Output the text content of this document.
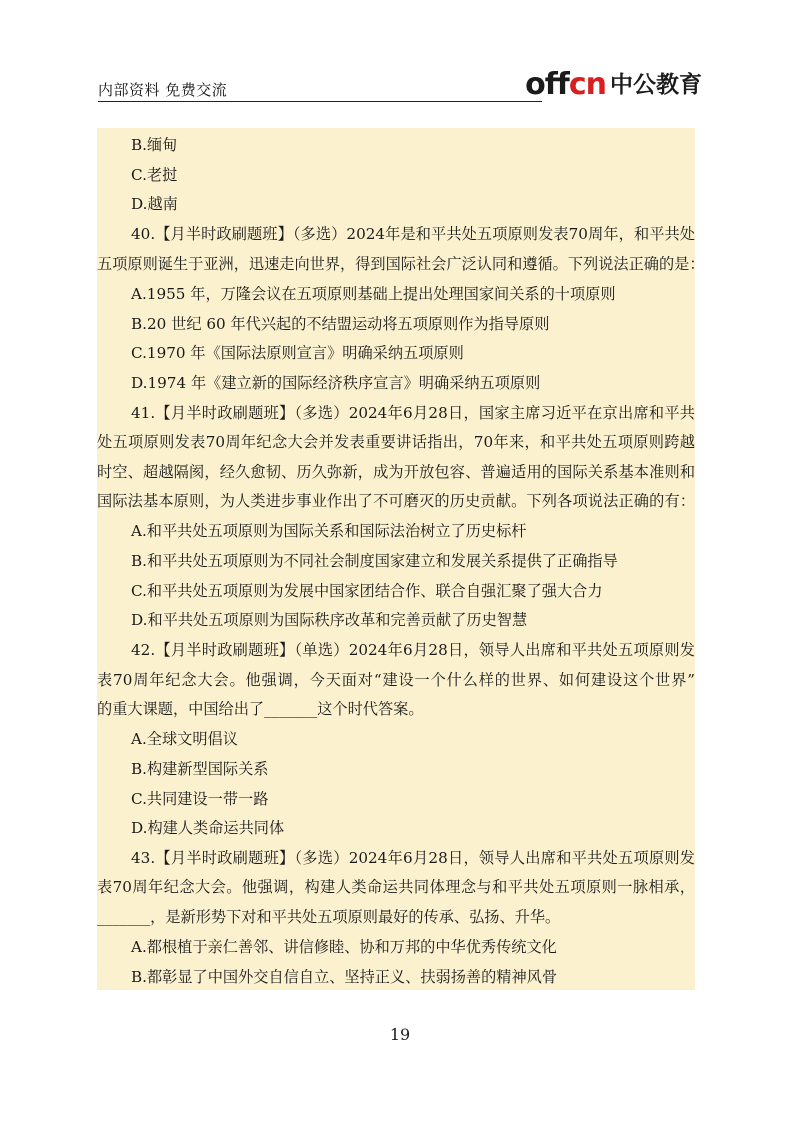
内部资料 免费交流	offcn 中公教育
B.缅甸
C.老挝
D.越南
40.【月半时政刷题班】（多选）2024年是和平共处五项原则发表70周年，和平共处
五项原则诞生于亚洲，迅速走向世界，得到国际社会广泛认同和遵循。下列说法正确的是：
A.1955 年，万隆会议在五项原则基础上提出处理国家间关系的十项原则
B.20 世纪 60 年代兴起的不结盟运动将五项原则作为指导原则
C.1970 年《国际法原则宣言》明确采纳五项原则
D.1974 年《建立新的国际经济秩序宣言》明确采纳五项原则
41.【月半时政刷题班】（多选）2024年6月28日，国家主席习近平在京出席和平共
处五项原则发表70周年纪念大会并发表重要讲话指出，70年来，和平共处五项原则跨越
时空、超越隔阂，经久愈韧、历久弥新，成为开放包容、普遍适用的国际关系基本准则和
国际法基本原则，为人类进步事业作出了不可磨灭的历史贡献。下列各项说法正确的有：
A.和平共处五项原则为国际关系和国际法治树立了历史标杆
B.和平共处五项原则为不同社会制度国家建立和发展关系提供了正确指导
C.和平共处五项原则为发展中国家团结合作、联合自强汇聚了强大合力
D.和平共处五项原则为国际秩序改革和完善贡献了历史智慧
42.【月半时政刷题班】（单选）2024年6月28日，领导人出席和平共处五项原则发
表70周年纪念大会。他强调，今天面对“建设一个什么样的世界、如何建设这个世界”
的重大课题，中国给出了_______这个时代答案。
A.全球文明倡议
B.构建新型国际关系
C.共同建设一带一路
D.构建人类命运共同体
43.【月半时政刷题班】（多选）2024年6月28日，领导人出席和平共处五项原则发
表70周年纪念大会。他强调，构建人类命运共同体理念与和平共处五项原则一脉相承，
_______，是新形势下对和平共处五项原则最好的传承、弘扬、升华。
A.都根植于亲仁善邻、讲信修睦、协和万邦的中华优秀传统文化
B.都彰显了中国外交自信自立、坚持正义、扶弱扬善的精神风骨
19
